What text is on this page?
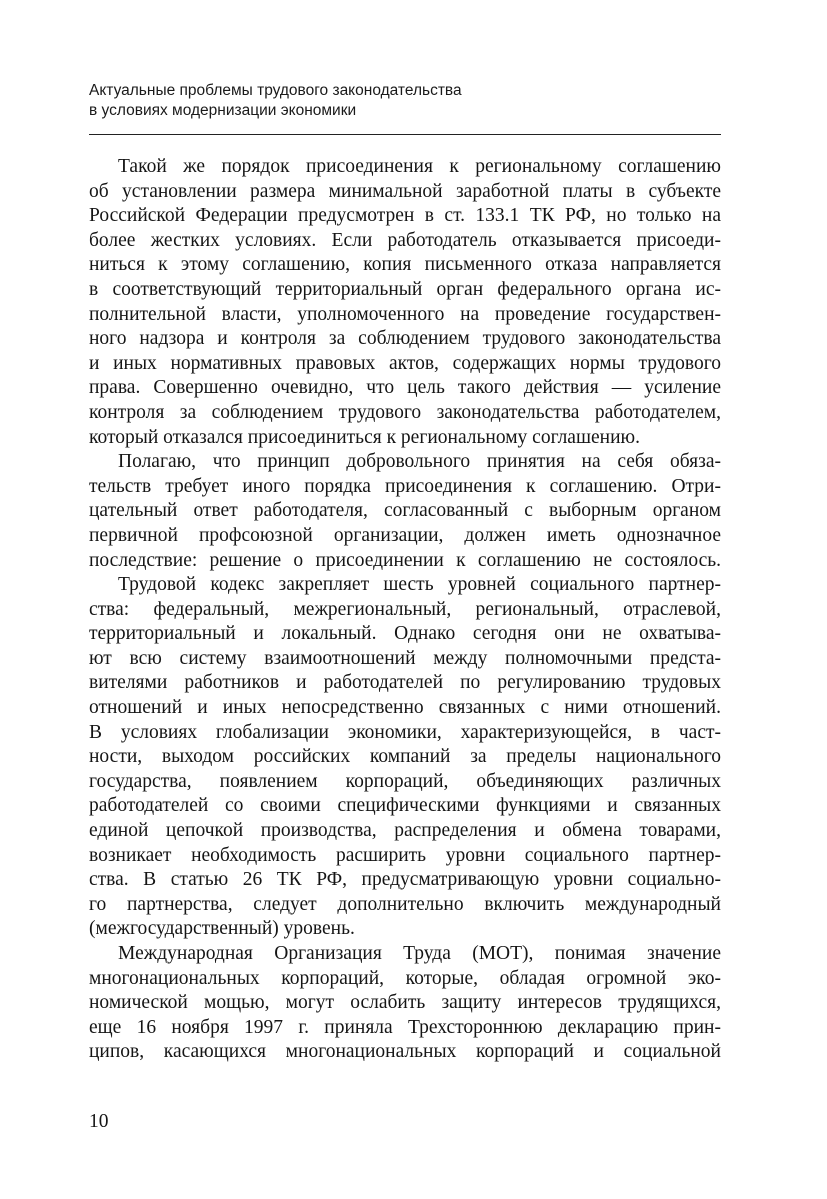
Актуальные проблемы трудового законодательства
в условиях модернизации экономики
Такой же порядок присоединения к региональному соглашению
об установлении размера минимальной заработной платы в субъекте
Российской Федерации предусмотрен в ст. 133.1 ТК РФ, но только на
более жестких условиях. Если работодатель отказывается присоеди-
ниться к этому соглашению, копия письменного отказа направляется
в соответствующий территориальный орган федерального органа ис-
полнительной власти, уполномоченного на проведение государствен-
ного надзора и контроля за соблюдением трудового законодательства
и иных нормативных правовых актов, содержащих нормы трудового
права. Совершенно очевидно, что цель такого действия — усиление
контроля за соблюдением трудового законодательства работодателем,
который отказался присоединиться к региональному соглашению.
Полагаю, что принцип добровольного принятия на себя обяза-
тельств требует иного порядка присоединения к соглашению. Отри-
цательный ответ работодателя, согласованный с выборным органом
первичной профсоюзной организации, должен иметь однозначное
последствие: решение о присоединении к соглашению не состоялось.
Трудовой кодекс закрепляет шесть уровней социального партнер-
ства: федеральный, межрегиональный, региональный, отраслевой,
территориальный и локальный. Однако сегодня они не охватыва-
ют всю систему взаимоотношений между полномочными предста-
вителями работников и работодателей по регулированию трудовых
отношений и иных непосредственно связанных с ними отношений.
В условиях глобализации экономики, характеризующейся, в част-
ности, выходом российских компаний за пределы национального
государства, появлением корпораций, объединяющих различных
работодателей со своими специфическими функциями и связанных
единой цепочкой производства, распределения и обмена товарами,
возникает необходимость расширить уровни социального партнер-
ства. В статью 26 ТК РФ, предусматривающую уровни социально-
го партнерства, следует дополнительно включить международный
(межгосударственный) уровень.
Международная Организация Труда (МОТ), понимая значение
многонациональных корпораций, которые, обладая огромной эко-
номической мощью, могут ослабить защиту интересов трудящихся,
еще 16 ноября 1997 г. приняла Трехстороннюю декларацию прин-
ципов, касающихся многонациональных корпораций и социальной
10
